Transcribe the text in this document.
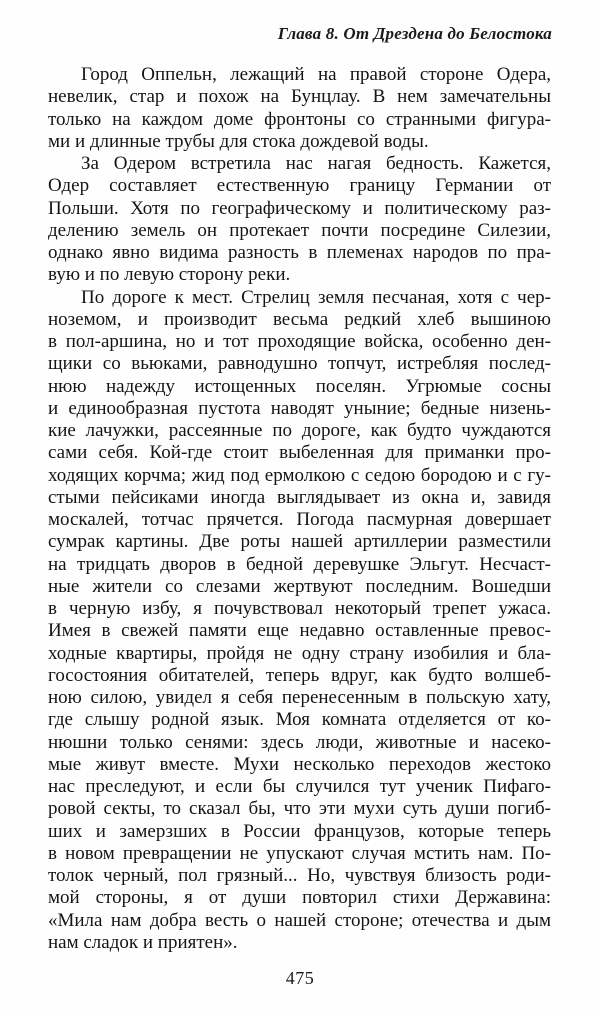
Глава 8. От Дрездена до Белостока

Город Оппельн, лежащий на правой стороне Одера,
невелик, стар и похож на Бунцлау. В нем замечательны
только на каждом доме фронтоны со странными фигура-
ми и длинные трубы для стока дождевой воды.

За Одером встретила нас нагая бедность. Кажется,
Одер составляет естественную границу Германии от
Польши. Хотя по географическому и политическому раз-
делению земель он протекает почти посредине Силезии,
однако явно видима разность в племенах народов по пра-
вую и по левую сторону реки.

По дороге к мест. Стрелиц земля песчаная, хотя с чер-
ноземом, и производит весьма редкий хлеб вышиною
в пол-аршина, но и тот проходящие войска, особенно ден-
щики со вьюками, равнодушно топчут, истребляя послед-
нюю надежду истощенных поселян. Угрюмые сосны
и единообразная пустота наводят уныние; бедные низень-
кие лачужки, рассеянные по дороге, как будто чуждаются
сами себя. Кой-где стоит выбеленная для приманки про-
ходящих корчма; жид под ермолкою с седою бородою и с гу-
стыми пейсиками иногда выглядывает из окна и, завидя
москалей, тотчас прячется. Погода пасмурная довершает
сумрак картины. Две роты нашей артиллерии разместили
на тридцать дворов в бедной деревушке Эльгут. Несчаст-
ные жители со слезами жертвуют последним. Вошедши
в черную избу, я почувствовал некоторый трепет ужаса.
Имея в свежей памяти еще недавно оставленные превос-
ходные квартиры, пройдя не одну страну изобилия и бла-
госостояния обитателей, теперь вдруг, как будто волшеб-
ною силою, увидел я себя перенесенным в польскую хату,
где слышу родной язык. Моя комната отделяется от ко-
нюшни только сенями: здесь люди, животные и насеко-
мые живут вместе. Мухи несколько переходов жестоко
нас преследуют, и если бы случился тут ученик Пифаго-
ровой секты, то сказал бы, что эти мухи суть души погиб-
ших и замерзших в России французов, которые теперь
в новом превращении не упускают случая мстить нам. По-
толок черный, пол грязный... Но, чувствуя близость роди-
мой стороны, я от души повторил стихи Державина:
«Мила нам добра весть о нашей стороне; отечества и дым
нам сладок и приятен».

475
